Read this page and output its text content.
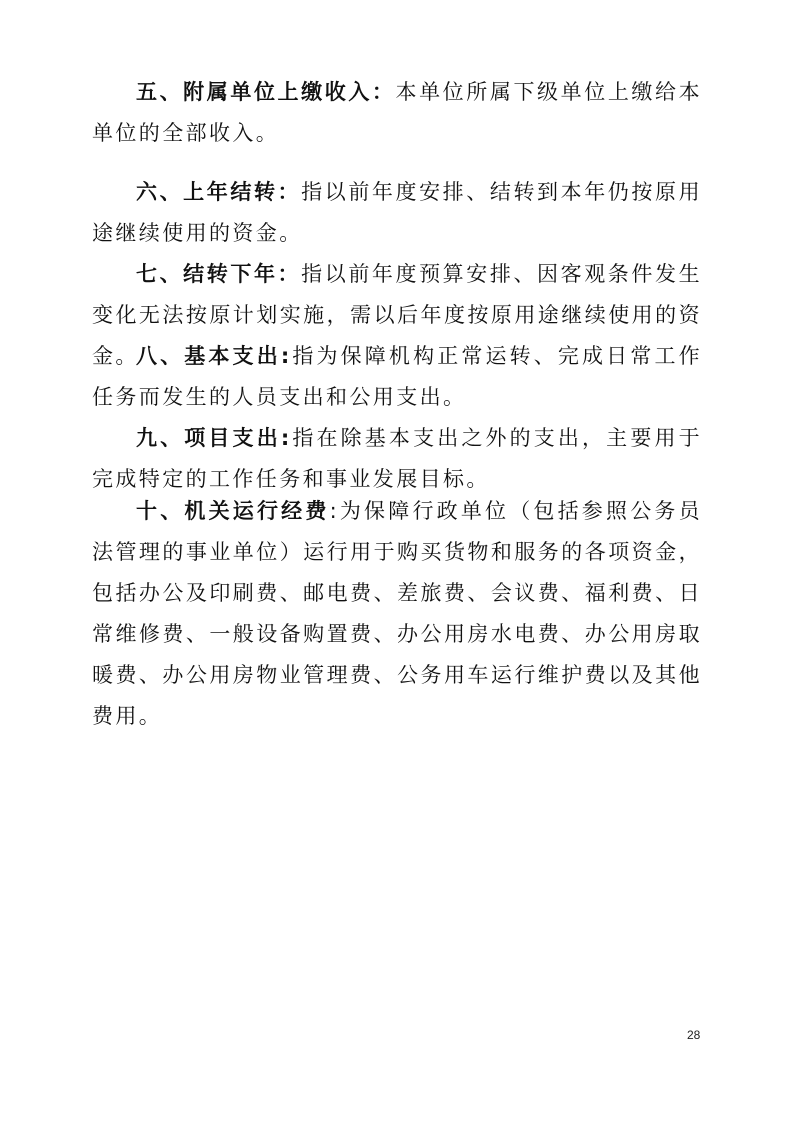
五、附属单位上缴收入：本单位所属下级单位上缴给本单位的全部收入。

六、上年结转：指以前年度安排、结转到本年仍按原用途继续使用的资金。

七、结转下年：指以前年度预算安排、因客观条件发生变化无法按原计划实施，需以后年度按原用途继续使用的资金。

八、基本支出:指为保障机构正常运转、完成日常工作任务而发生的人员支出和公用支出。

九、项目支出:指在除基本支出之外的支出，主要用于完成特定的工作任务和事业发展目标。

十、机关运行经费:为保障行政单位（包括参照公务员法管理的事业单位）运行用于购买货物和服务的各项资金，包括办公及印刷费、邮电费、差旅费、会议费、福利费、日常维修费、一般设备购置费、办公用房水电费、办公用房取暖费、办公用房物业管理费、公务用车运行维护费以及其他费用。

28
